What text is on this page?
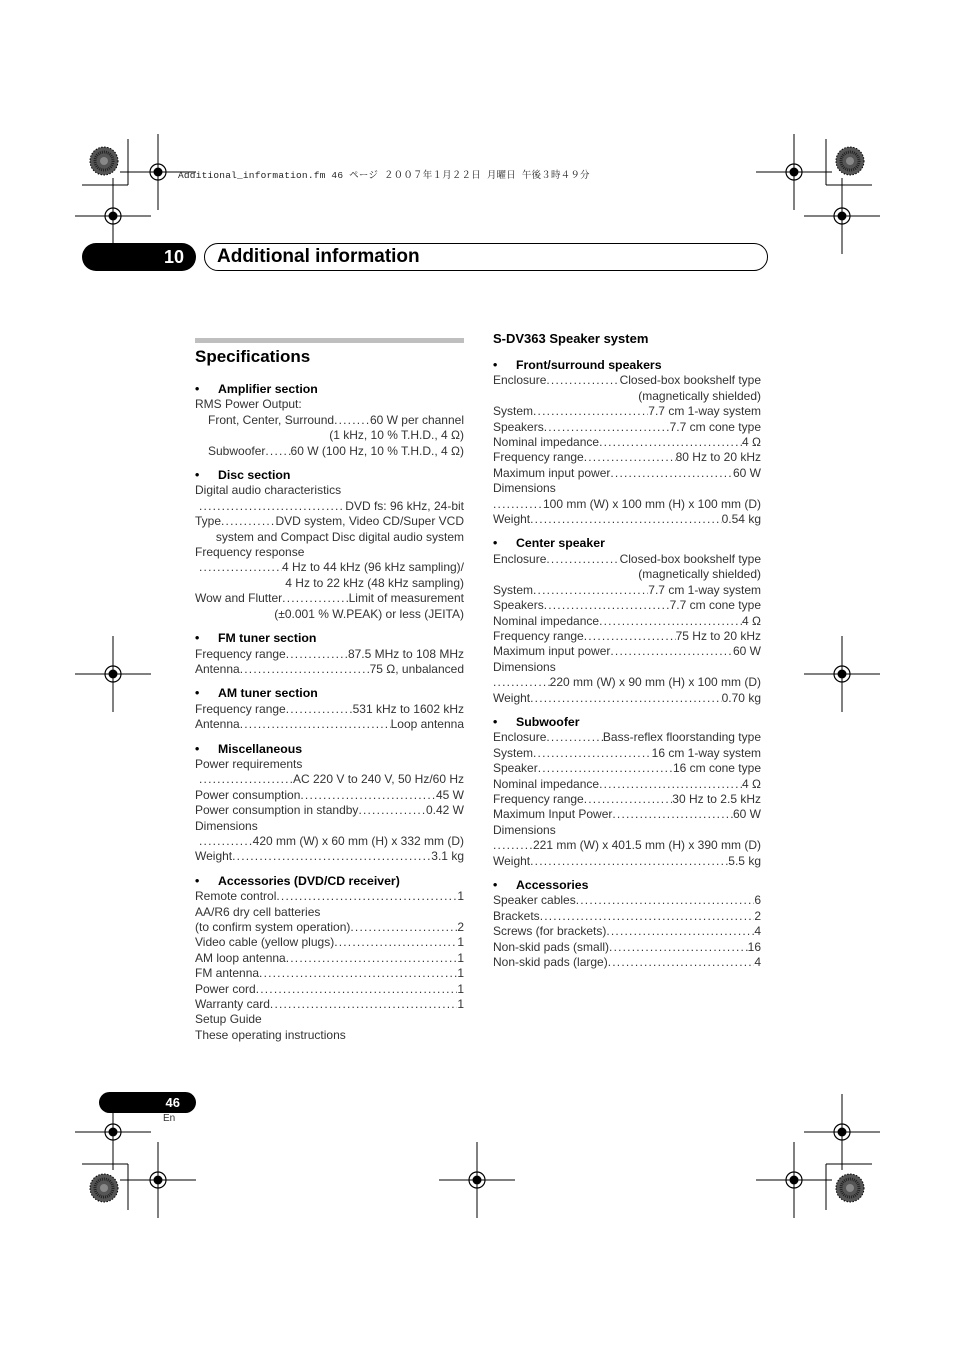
Additional_information.fm 46 ページ ２００７年１月２２日 月曜日 午後３時４９分
10	Additional information
Specifications
• Amplifier section
RMS Power Output:
Front, Center, Surround .....	60 W per channel
(1 kHz, 10 % T.H.D., 4 Ω)
Subwoofer ..... 60 W (100 Hz, 10 % T.H.D., 4 Ω)
• Disc section
Digital audio characteristics
.....
DVD fs: 96 kHz, 24-bit
Type .....	DVD system, Video CD/Super VCD
system and Compact Disc digital audio system
Frequency response
.....
4 Hz to 44 kHz (96 kHz sampling)/
4 Hz to 22 kHz (48 kHz sampling)
Wow and Flutter .....	Limit of measurement
(±0.001 % W.PEAK) or less (JEITA)
• FM tuner section
Frequency range .....	87.5 MHz to 108 MHz
Antenna .....	75 Ω, unbalanced
• AM tuner section
Frequency range .....	531 kHz to 1602 kHz
Antenna .....	Loop antenna
• Miscellaneous
Power requirements
.....
AC 220 V to 240 V, 50 Hz/60 Hz
Power consumption .....	45 W
Power consumption in standby .....	0.42 W
Dimensions
.....
420 mm (W) x 60 mm (H) x 332 mm (D)
Weight .....	3.1 kg
• Accessories (DVD/CD receiver)
Remote control .....	1
AA/R6 dry cell batteries
(to confirm system operation) .....	2
Video cable (yellow plugs) .....	1
AM loop antenna .....	1
FM antenna .....	1
Power cord .....	1
Warranty card .....	1
Setup Guide
These operating instructions
S-DV363 Speaker system
• Front/surround speakers
Enclosure .....	Closed-box bookshelf type
(magnetically shielded)
System .....	7.7 cm 1-way system
Speakers .....	7.7 cm cone type
Nominal impedance .....	4 Ω
Frequency range .....	80 Hz to 20 kHz
Maximum input power .....	60 W
Dimensions
.....
100 mm (W) x 100 mm (H) x 100 mm (D)
Weight .....	0.54 kg
• Center speaker
Enclosure .....	Closed-box bookshelf type
(magnetically shielded)
System .....	7.7 cm 1-way system
Speakers .....	7.7 cm cone type
Nominal impedance .....	4 Ω
Frequency range .....	75 Hz to 20 kHz
Maximum input power .....	60 W
Dimensions
.....
220 mm (W) x 90 mm (H) x 100 mm (D)
Weight .....	0.70 kg
• Subwoofer
Enclosure .....	Bass-reflex floorstanding type
System .....	16 cm 1-way system
Speaker .....	16 cm cone type
Nominal impedance .....	4 Ω
Frequency range .....	30 Hz to 2.5 kHz
Maximum Input Power .....	60 W
Dimensions
.....
221 mm (W) x 401.5 mm (H) x 390 mm (D)
Weight .....	5.5 kg
• Accessories
Speaker cables .....	6
Brackets .....	2
Screws (for brackets) .....	4
Non-skid pads (small) .....	16
Non-skid pads (large) .....	4
46
En
